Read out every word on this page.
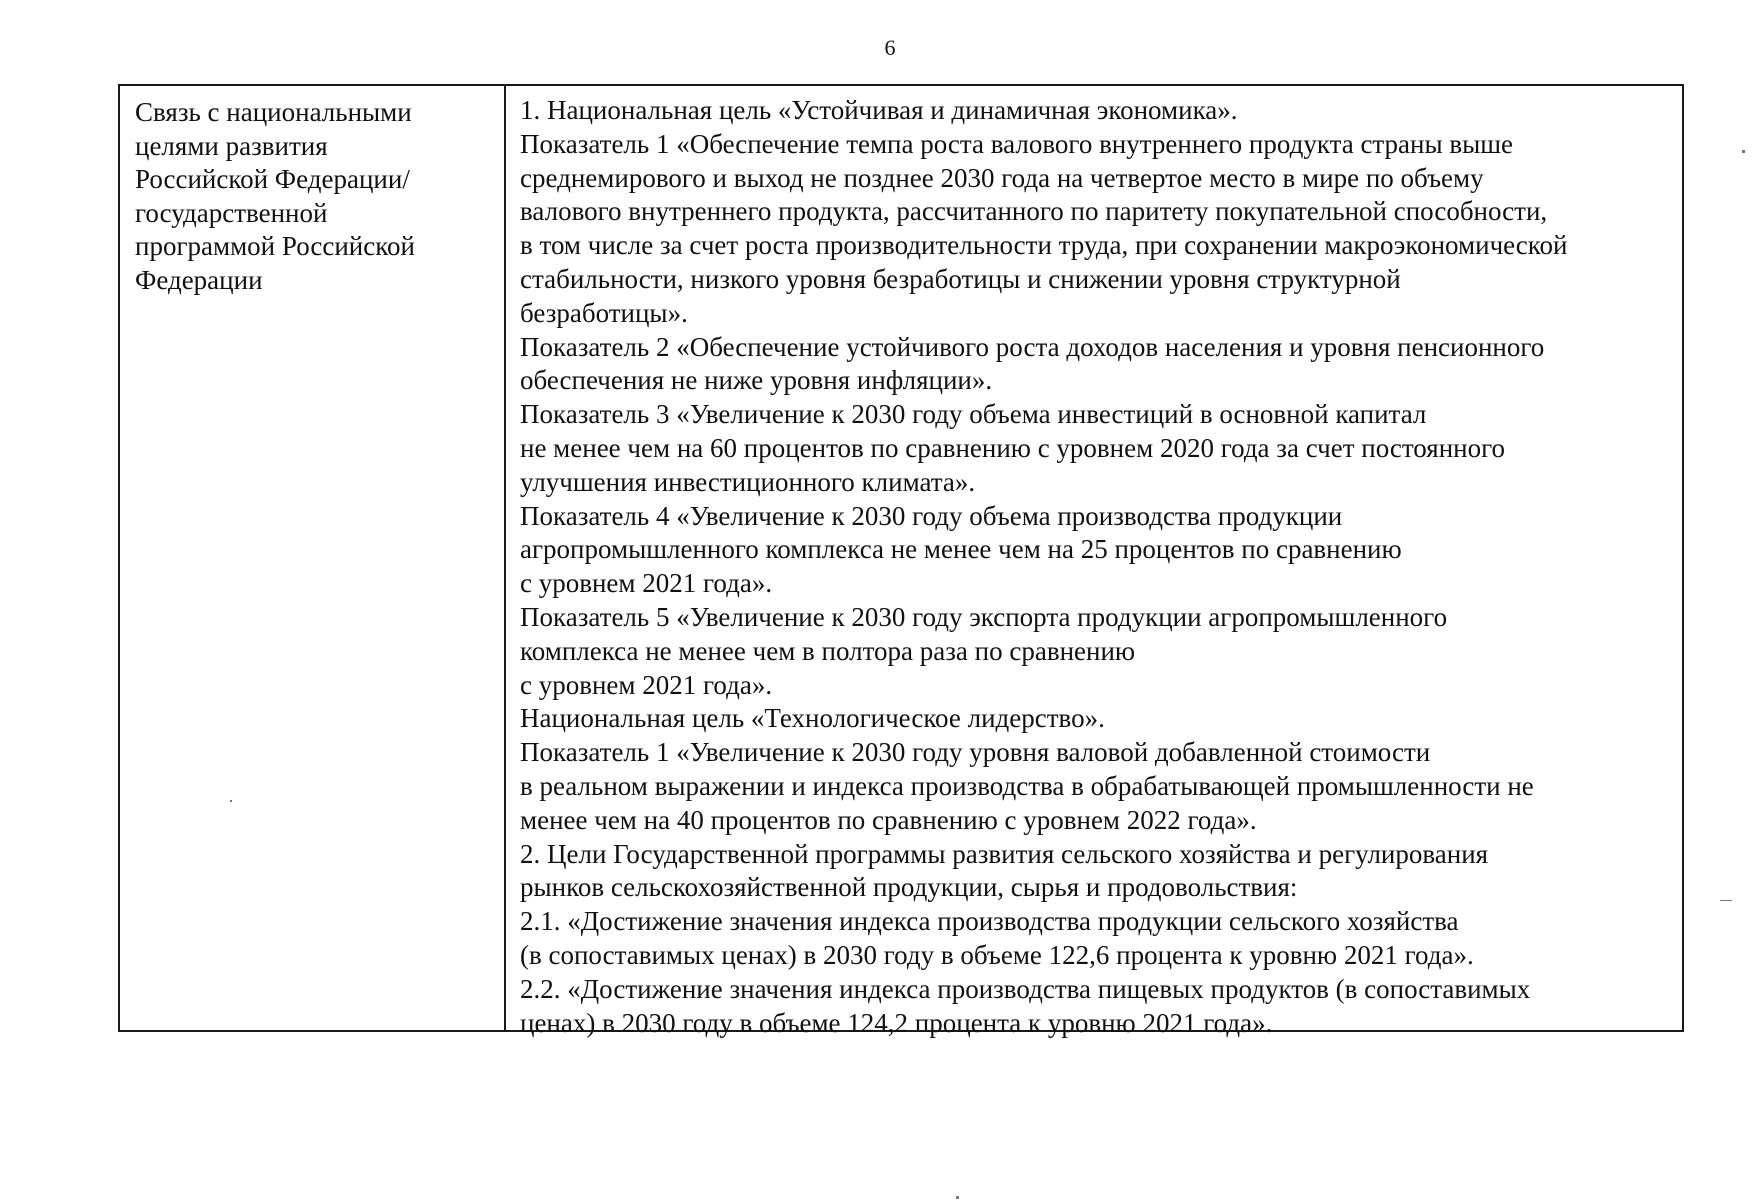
6
Связь с национальными
целями развития
Российской Федерации/
государственной
программой Российской
Федерации
1. Национальная цель «Устойчивая и динамичная экономика».
Показатель 1 «Обеспечение темпа роста валового внутреннего продукта страны выше
среднемирового и выход не позднее 2030 года на четвертое место в мире по объему
валового внутреннего продукта, рассчитанного по паритету покупательной способности,
в том числе за счет роста производительности труда, при сохранении макроэкономической
стабильности, низкого уровня безработицы и снижении уровня структурной
безработицы».
Показатель 2 «Обеспечение устойчивого роста доходов населения и уровня пенсионного
обеспечения не ниже уровня инфляции».
Показатель 3 «Увеличение к 2030 году объема инвестиций в основной капитал
не менее чем на 60 процентов по сравнению с уровнем 2020 года за счет постоянного
улучшения инвестиционного климата».
Показатель 4 «Увеличение к 2030 году объема производства продукции
агропромышленного комплекса не менее чем на 25 процентов по сравнению
с уровнем 2021 года».
Показатель 5 «Увеличение к 2030 году экспорта продукции агропромышленного
комплекса не менее чем в полтора раза по сравнению
с уровнем 2021 года».
Национальная цель «Технологическое лидерство».
Показатель 1 «Увеличение к 2030 году уровня валовой добавленной стоимости
в реальном выражении и индекса производства в обрабатывающей промышленности не
менее чем на 40 процентов по сравнению с уровнем 2022 года».
2. Цели Государственной программы развития сельского хозяйства и регулирования
рынков сельскохозяйственной продукции, сырья и продовольствия:
2.1. «Достижение значения индекса производства продукции сельского хозяйства
(в сопоставимых ценах) в 2030 году в объеме 122,6 процента к уровню 2021 года».
2.2. «Достижение значения индекса производства пищевых продуктов (в сопоставимых
ценах) в 2030 году в объеме 124,2 процента к уровню 2021 года».
